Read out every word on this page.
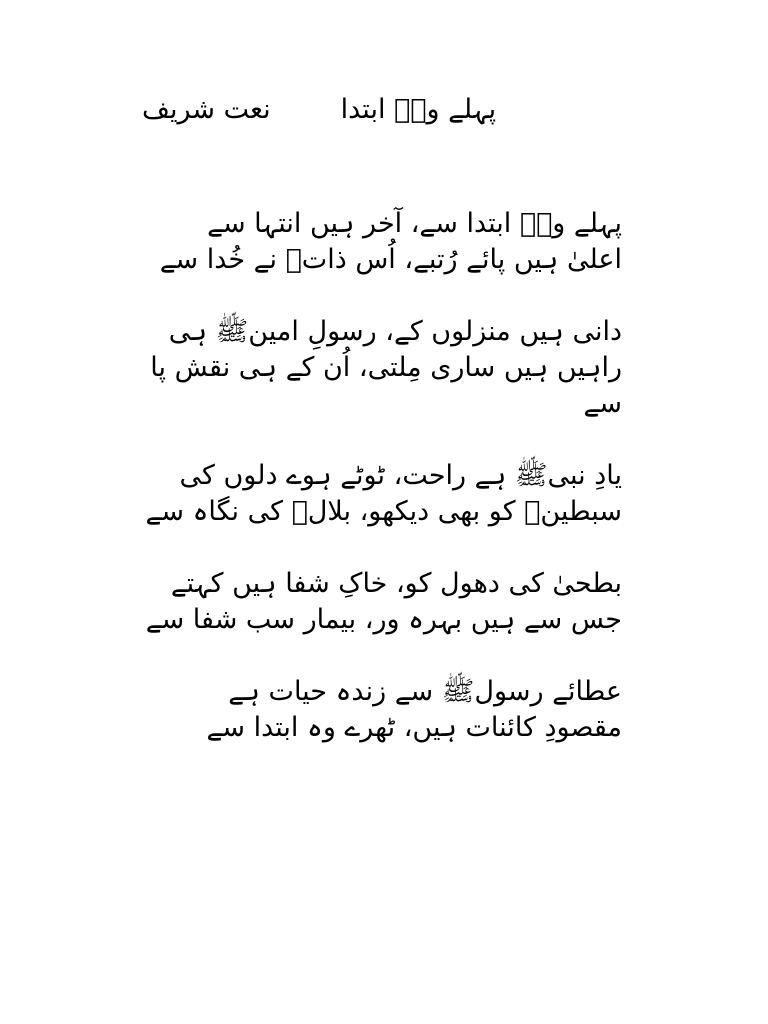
پہلے وہؐ ابتدا
نعت شریف
پہلے وہؐ ابتدا سے، آخر ہیں انتہا سے
اعلیٰ ہیں پائے رُتبے، اُس ذاتؐ نے خُدا سے
دانی ہیں منزلوں کے، رسولِ امینﷺ ہی
راہیں ہیں ساری مِلتی، اُن کے ہی نقش پا سے
یادِ نبیﷺ ہے راحت، ٹوٹے ہوے دلوں کی
سبطینؓ کو بھی دیکھو، بلالؓ کی نگاہ سے
بطحیٰ کی دھول کو، خاکِ شفا ہیں کہتے
جس سے ہیں بہرہ ور، بیمار سب شفا سے
عطائے رسولﷺ سے زندہ حیات ہے
مقصودِ کائنات ہیں، ٹھرے وہ ابتدا سے
